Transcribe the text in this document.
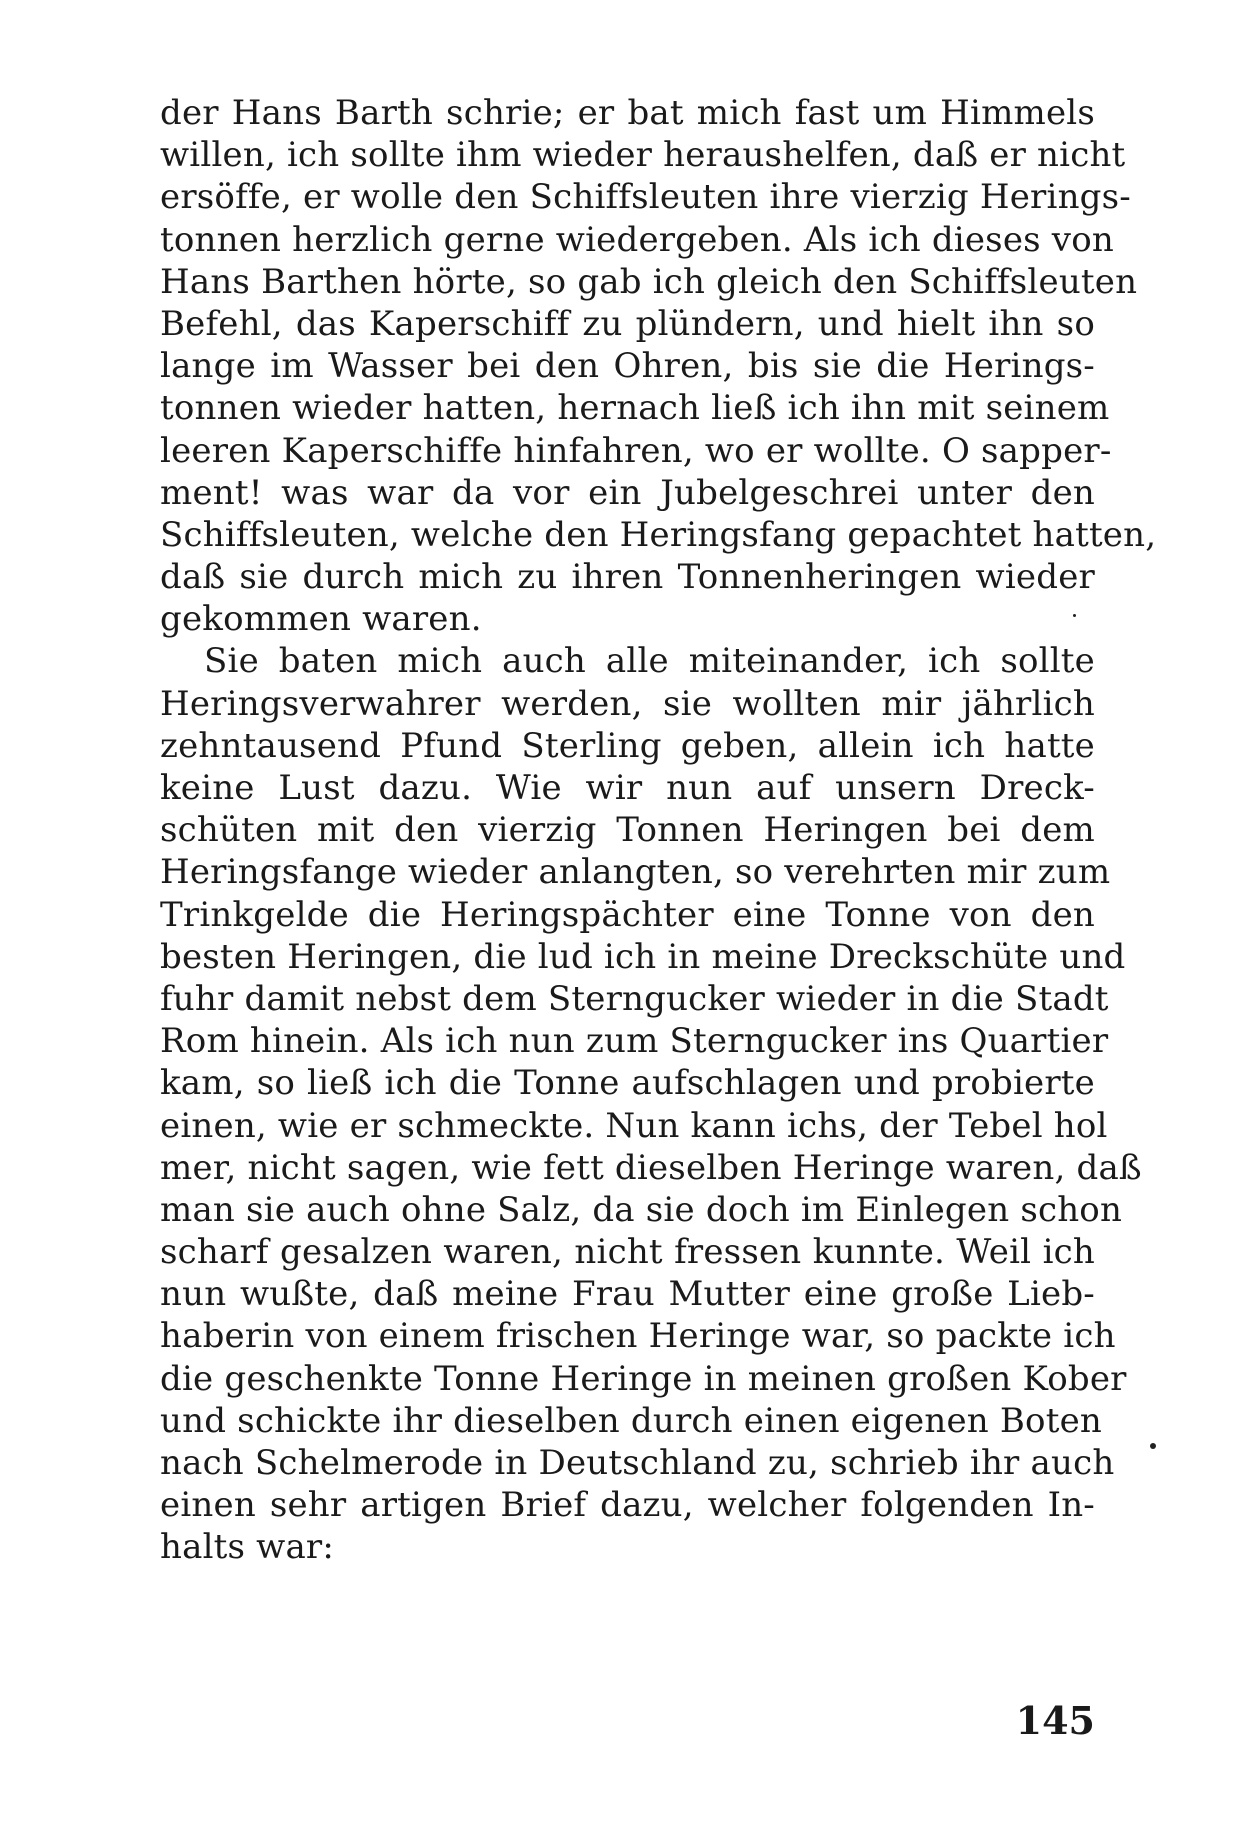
der Hans Barth schrie; er bat mich fast um Himmels
willen, ich sollte ihm wieder heraushelfen, daß er nicht
ersöffe, er wolle den Schiffsleuten ihre vierzig Herings-
tonnen herzlich gerne wiedergeben. Als ich dieses von
Hans Barthen hörte, so gab ich gleich den Schiffsleuten
Befehl, das Kaperschiff zu plündern, und hielt ihn so
lange im Wasser bei den Ohren, bis sie die Herings-
tonnen wieder hatten, hernach ließ ich ihn mit seinem
leeren Kaperschiffe hinfahren, wo er wollte. O sapper-
ment! was war da vor ein Jubelgeschrei unter den
Schiffsleuten, welche den Heringsfang gepachtet hatten,
daß sie durch mich zu ihren Tonnenheringen wieder
gekommen waren.
Sie baten mich auch alle miteinander, ich sollte
Heringsverwahrer werden, sie wollten mir jährlich
zehntausend Pfund Sterling geben, allein ich hatte
keine Lust dazu. Wie wir nun auf unsern Dreck-
schüten mit den vierzig Tonnen Heringen bei dem
Heringsfange wieder anlangten, so verehrten mir zum
Trinkgelde die Heringspächter eine Tonne von den
besten Heringen, die lud ich in meine Dreckschüte und
fuhr damit nebst dem Sterngucker wieder in die Stadt
Rom hinein. Als ich nun zum Sterngucker ins Quartier
kam, so ließ ich die Tonne aufschlagen und probierte
einen, wie er schmeckte. Nun kann ichs, der Tebel hol
mer, nicht sagen, wie fett dieselben Heringe waren, daß
man sie auch ohne Salz, da sie doch im Einlegen schon
scharf gesalzen waren, nicht fressen kunnte. Weil ich
nun wußte, daß meine Frau Mutter eine große Lieb-
haberin von einem frischen Heringe war, so packte ich
die geschenkte Tonne Heringe in meinen großen Kober
und schickte ihr dieselben durch einen eigenen Boten
nach Schelmerode in Deutschland zu, schrieb ihr auch
einen sehr artigen Brief dazu, welcher folgenden In-
halts war:
145
